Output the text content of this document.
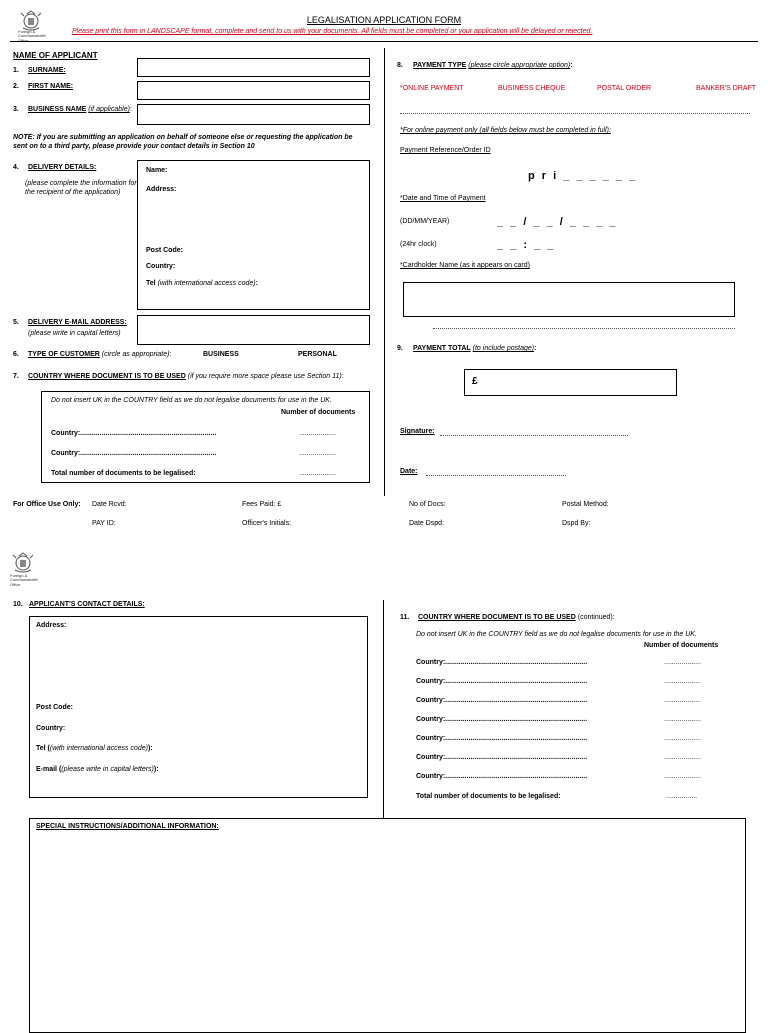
Foreign &
Commonwealth
LEGALISATION APPLICATION FORM
Please print this form in LANDSCAPE format, complete and send to us with your documents. All fields must be completed or your application will be delayed or rejected.
NAME OF APPLICANT
1. SURNAME:
2. FIRST NAME:
3. BUSINESS NAME (if applicable):
NOTE: If you are submitting an application on behalf of someone else or requesting the application be sent on to a third party, please provide your contact details in Section 10
4. DELIVERY DETAILS:
(please complete the information for the recipient of the application)
Name:
Address:
Post Code:
Country:
Tel (with international access code):
5. DELIVERY E-MAIL ADDRESS:
(please write in capital letters)
6. TYPE OF CUSTOMER (circle as appropriate):	BUSINESS	PERSONAL
7. COUNTRY WHERE DOCUMENT IS TO BE USED (if you require more space please use Section 11):
Do not insert UK in the COUNTRY field as we do not legalise documents for use in the UK.
Number of documents
Country:......................................................................	...................
Country:......................................................................	...................
Total number of documents to be legalised:	...................
8. PAYMENT TYPE (please circle appropriate option):
*ONLINE PAYMENT	BUSINESS CHEQUE	POSTAL ORDER	BANKER'S DRAFT
*For online payment only (all fields below must be completed in full):
Payment Reference/Order ID
p r i _ _ _ _ _ _
*Date and Time of Payment
(DD/MM/YEAR)	_ _ / _ _ / _ _ _ _
(24hr clock)	_ _ : _ _
*Cardholder Name (as it appears on card)
9. PAYMENT TOTAL (to include postage):
£
Signature:
Date:
For Office Use Only: Date Rcvd:	Fees Paid: £	No of Docs:	Postal Method:
PAY ID:	Officer's Initials:	Date Dspd:	Dspd By:
Foreign &
Commonwealth
Office
10. APPLICANT'S CONTACT DETAILS:
Address:
Post Code:
Country:
Tel ((with international access code)):
E-mail ((please write in capital letters)):
11. COUNTRY WHERE DOCUMENT IS TO BE USED (continued):
Do not insert UK in the COUNTRY field as we do not legalise documents for use in the UK.
Number of documents
Country:.........................................................................	...................
Country:.........................................................................	...................
Country:.........................................................................	...................
Country:.........................................................................	...................
Country:.........................................................................	...................
Country:.........................................................................	...................
Country:.........................................................................	...................
Total number of documents to be legalised:	................
SPECIAL INSTRUCTIONS/ADDITIONAL INFORMATION:
